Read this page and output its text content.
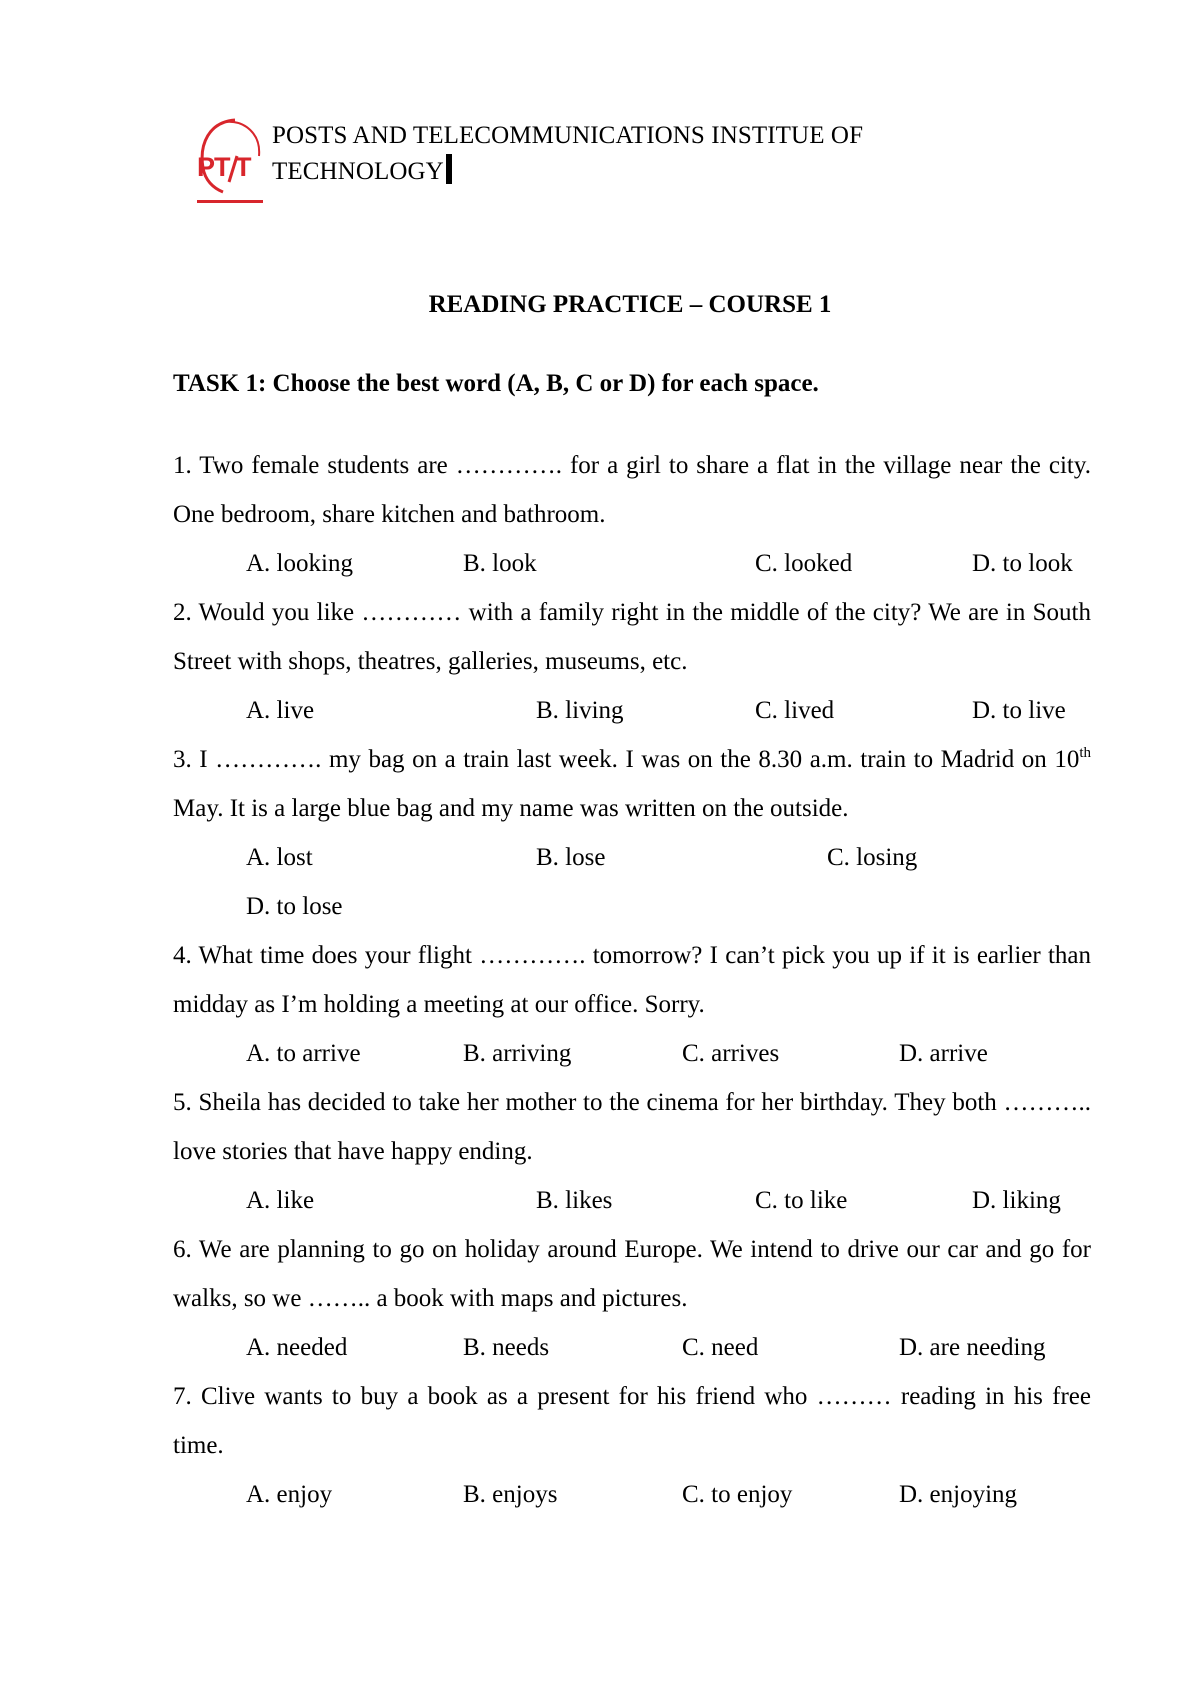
PT T
POSTS AND TELECOMMUNICATIONS INSTITUE OF
TECHNOLOGY
READING PRACTICE – COURSE 1
TASK 1: Choose the best word (A, B, C or D) for each space.

1. Two female students are …………. for a girl to share a flat in the village near the city. One bedroom, share kitchen and bathroom.

A. looking	B. look	C. looked	D. to look

2. Would you like ………… with a family right in the middle of the city? We are in South Street with shops, theatres, galleries, museums, etc.

A. live	B. living	C. lived	D. to live

3. I …………. my bag on a train last week. I was on the 8.30 a.m. train to Madrid on 10th May. It is a large blue bag and my name was written on the outside.

A. lost	B. lose	C. losing
D. to lose

4. What time does your flight …………. tomorrow? I can’t pick you up if it is earlier than midday as I’m holding a meeting at our office. Sorry.

A. to arrive	B. arriving	C. arrives	D. arrive

5. Sheila has decided to take her mother to the cinema for her birthday. They both ……….. love stories that have happy ending.

A. like	B. likes	C. to like	D. liking

6. We are planning to go on holiday around Europe. We intend to drive our car and go for walks, so we …….. a book with maps and pictures.

A. needed	B. needs	C. need	D. are needing

7. Clive wants to buy a book as a present for his friend who ……… reading in his free time.

A. enjoy	B. enjoys	C. to enjoy	D. enjoying
